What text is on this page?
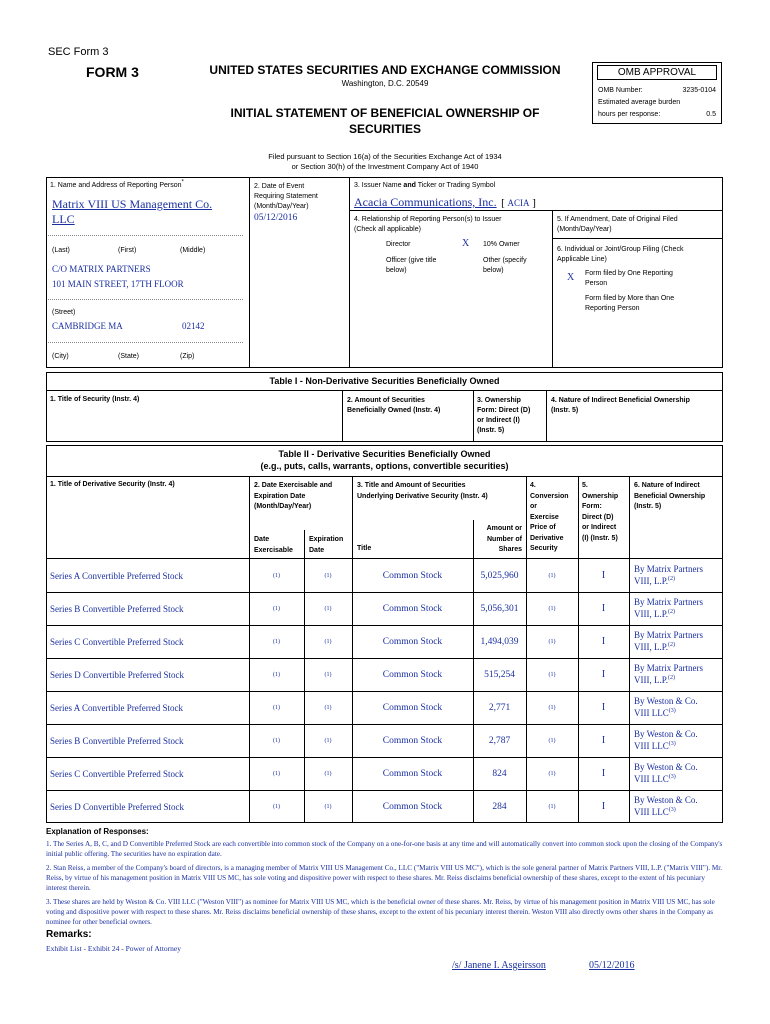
SEC Form 3
FORM 3	UNITED STATES SECURITIES AND EXCHANGE COMMISSION
Washington, D.C. 20549
INITIAL STATEMENT OF BENEFICIAL OWNERSHIP OF
SECURITIES
OMB APPROVAL
OMB Number:	3235-0104
Estimated average burden
hours per response:	0.5
Filed pursuant to Section 16(a) of the Securities Exchange Act of 1934
or Section 30(h) of the Investment Company Act of 1940
1. Name and Address of Reporting Person*
Matrix VIII US Management Co.
LLC
(Last)	(First)	(Middle)
C/O MATRIX PARTNERS
101 MAIN STREET, 17TH FLOOR
(Street)
CAMBRIDGE MA	02142
(City)	(State)	(Zip)
2. Date of Event
Requiring Statement
(Month/Day/Year)
05/12/2016
3. Issuer Name and Ticker or Trading Symbol
Acacia Communications, Inc. [ ACIA ]
4. Relationship of Reporting Person(s) to Issuer
(Check all applicable)
Director	X 10% Owner
Officer (give title
below)
Other (specify
below)
5. If Amendment, Date of Original Filed
(Month/Day/Year)
6. Individual or Joint/Group Filing (Check
Applicable Line)
X Form filed by One Reporting
Person
Form filed by More than One
Reporting Person
Table I - Non-Derivative Securities Beneficially Owned
1. Title of Security (Instr. 4)	2. Amount of Securities
Beneficially Owned (Instr. 4)
3. Ownership
Form: Direct (D)
or Indirect (I)
(Instr. 5)
4. Nature of Indirect Beneficial Ownership
(Instr. 5)
Table II - Derivative Securities Beneficially Owned
(e.g., puts, calls, warrants, options, convertible securities)
1. Title of Derivative Security (Instr. 4)	2. Date Exercisable and
Expiration Date
(Month/Day/Year)
Date
Exercisable
Expiration
Date
3. Title and Amount of Securities
Underlying Derivative Security (Instr. 4)
Title
Amount or
Number of
Shares
4.
Conversion
or
Exercise
Price of
Derivative
Security
5.
Ownership
Form:
Direct (D)
or Indirect
(I) (Instr. 5)
6. Nature of Indirect
Beneficial Ownership
(Instr. 5)
Series A Convertible Preferred Stock	(1)	(1)	Common Stock	5,025,960	(1)	I
By Matrix Partners
VIII, L.P.$^{(2)}$
Series B Convertible Preferred Stock	(1)	(1)	Common Stock	5,056,301	(1)	I
By Matrix Partners
VIII, L.P.$^{(2)}$
Series C Convertible Preferred Stock	(1)	(1)	Common Stock	1,494,039	(1)	I
By Matrix Partners
VIII, L.P.$^{(2)}$
Series D Convertible Preferred Stock	(1)	(1)	Common Stock	515,254	(1)	I
By Matrix Partners
VIII, L.P.$^{(2)}$
Series A Convertible Preferred Stock	(1)	(1)	Common Stock	2,771	(1)	I
By Weston & Co.
VIII LLC$^{(3)}$
Series B Convertible Preferred Stock	(1)	(1)	Common Stock	2,787	(1)	I
By Weston & Co.
VIII LLC$^{(3)}$
Series C Convertible Preferred Stock	(1)	(1)	Common Stock	824	(1)	I
By Weston & Co.
VIII LLC$^{(3)}$
Series D Convertible Preferred Stock	(1)	(1)	Common Stock	284	(1)	I
By Weston & Co.
VIII LLC$^{(3)}$
Explanation of Responses:

1. The Series A, B, C, and D Convertible Preferred Stock are each convertible into common stock of the Company on a one-for-one basis at any time and will automatically convert into common stock upon the closing of the Company's initial public offering. The securities have no expiration date.

2. Stan Reiss, a member of the Company's board of directors, is a managing member of Matrix VIII US Management Co., LLC ("Matrix VIII US MC"), which is the sole general partner of Matrix Partners VIII, L.P. ("Matrix VIII"). Mr. Reiss, by virtue of his management position in Matrix VIII US MC, has sole voting and dispositive power with respect to these shares. Mr. Reiss disclaims beneficial ownership of these shares, except to the extent of his pecuniary interest therein.

3. These shares are held by Weston & Co. VIII LLC ("Weston VIII") as nominee for Matrix VIII US MC, which is the beneficial owner of these shares. Mr. Reiss, by virtue of his management position in Matrix VIII US MC, has sole voting and dispositive power with respect to these shares. Mr. Reiss disclaims beneficial ownership of these shares, except to the extent of his pecuniary interest therein. Weston VIII also directly owns other shares in the Company as nominee for other beneficial owners.

Remarks:
Exhibit List - Exhibit 24 - Power of Attorney
/s/ Janene I. Asgeirsson	05/12/2016
